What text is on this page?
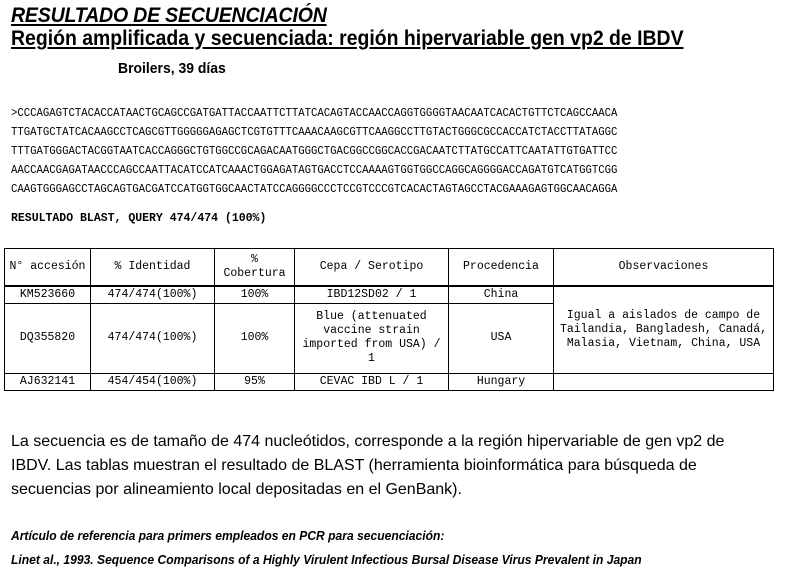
RESULTADO DE SECUENCIACIÓN
Región amplificada y secuenciada: región hipervariable gen vp2 de IBDV
Broilers, 39 días
>CCCAGAGTCTACACCATAACTGCAGCCGATGATTACCAATTCTTATCACAGTACCAACCAGGTGGGGTAACAATCACACTGTTCTCAGCCAACA
TTGATGCTATCACAAGCCTCAGCGTTGGGGGAGAGCTCGTGTTTCAAACAAGCGTTCAAGGCCTTGTACTGGGCGCCACCATCTACCTTATAGGC
TTTGATGGGACTACGGTAATCACCAGGGCTGTGGCCGCAGACAATGGGCTGACGGCCGGCACCGACAATCTTATGCCATTCAATATTGTGATTCC
AACCAACGAGATAACCCAGCCAATTACATCCATCAAACTGGAGATAGTGACCTCCAAAAGTGGTGGCCAGGCAGGGGACCAGATGTCATGGTCGG
CAAGTGGGAGCCTAGCAGTGACGATCCATGGTGGCAACTATCCAGGGGCCCTCCGTCCCGTCACACTAGTAGCCTACGAAAGAGTGGCAACAGGA
RESULTADO BLAST, QUERY 474/474 (100%)
N° accesión	% Identidad	% Cobertura	Cepa / Serotipo	Procedencia	Observaciones
KM523660	474/474(100%)	100%	IBD12SD02 / 1	China	Igual a aislados de campo de Tailandia, Bangladesh, Canadá, Malasia, Vietnam, China, USA
DQ355820	474/474(100%)	100%	Blue (attenuated vaccine strain imported from USA) / 1	USA	
AJ632141	454/454(100%)	95%	CEVAC IBD L / 1	Hungary	
La secuencia es de tamaño de 474 nucleótidos, corresponde a la región hipervariable de gen vp2 de
IBDV. Las tablas muestran el resultado de BLAST (herramienta bioinformática para búsqueda de
secuencias por alineamiento local depositadas en el GenBank).
Artículo de referencia para primers empleados en PCR para secuenciación:
Linet al., 1993. Sequence Comparisons of a Highly Virulent Infectious Bursal Disease Virus Prevalent in Japan
